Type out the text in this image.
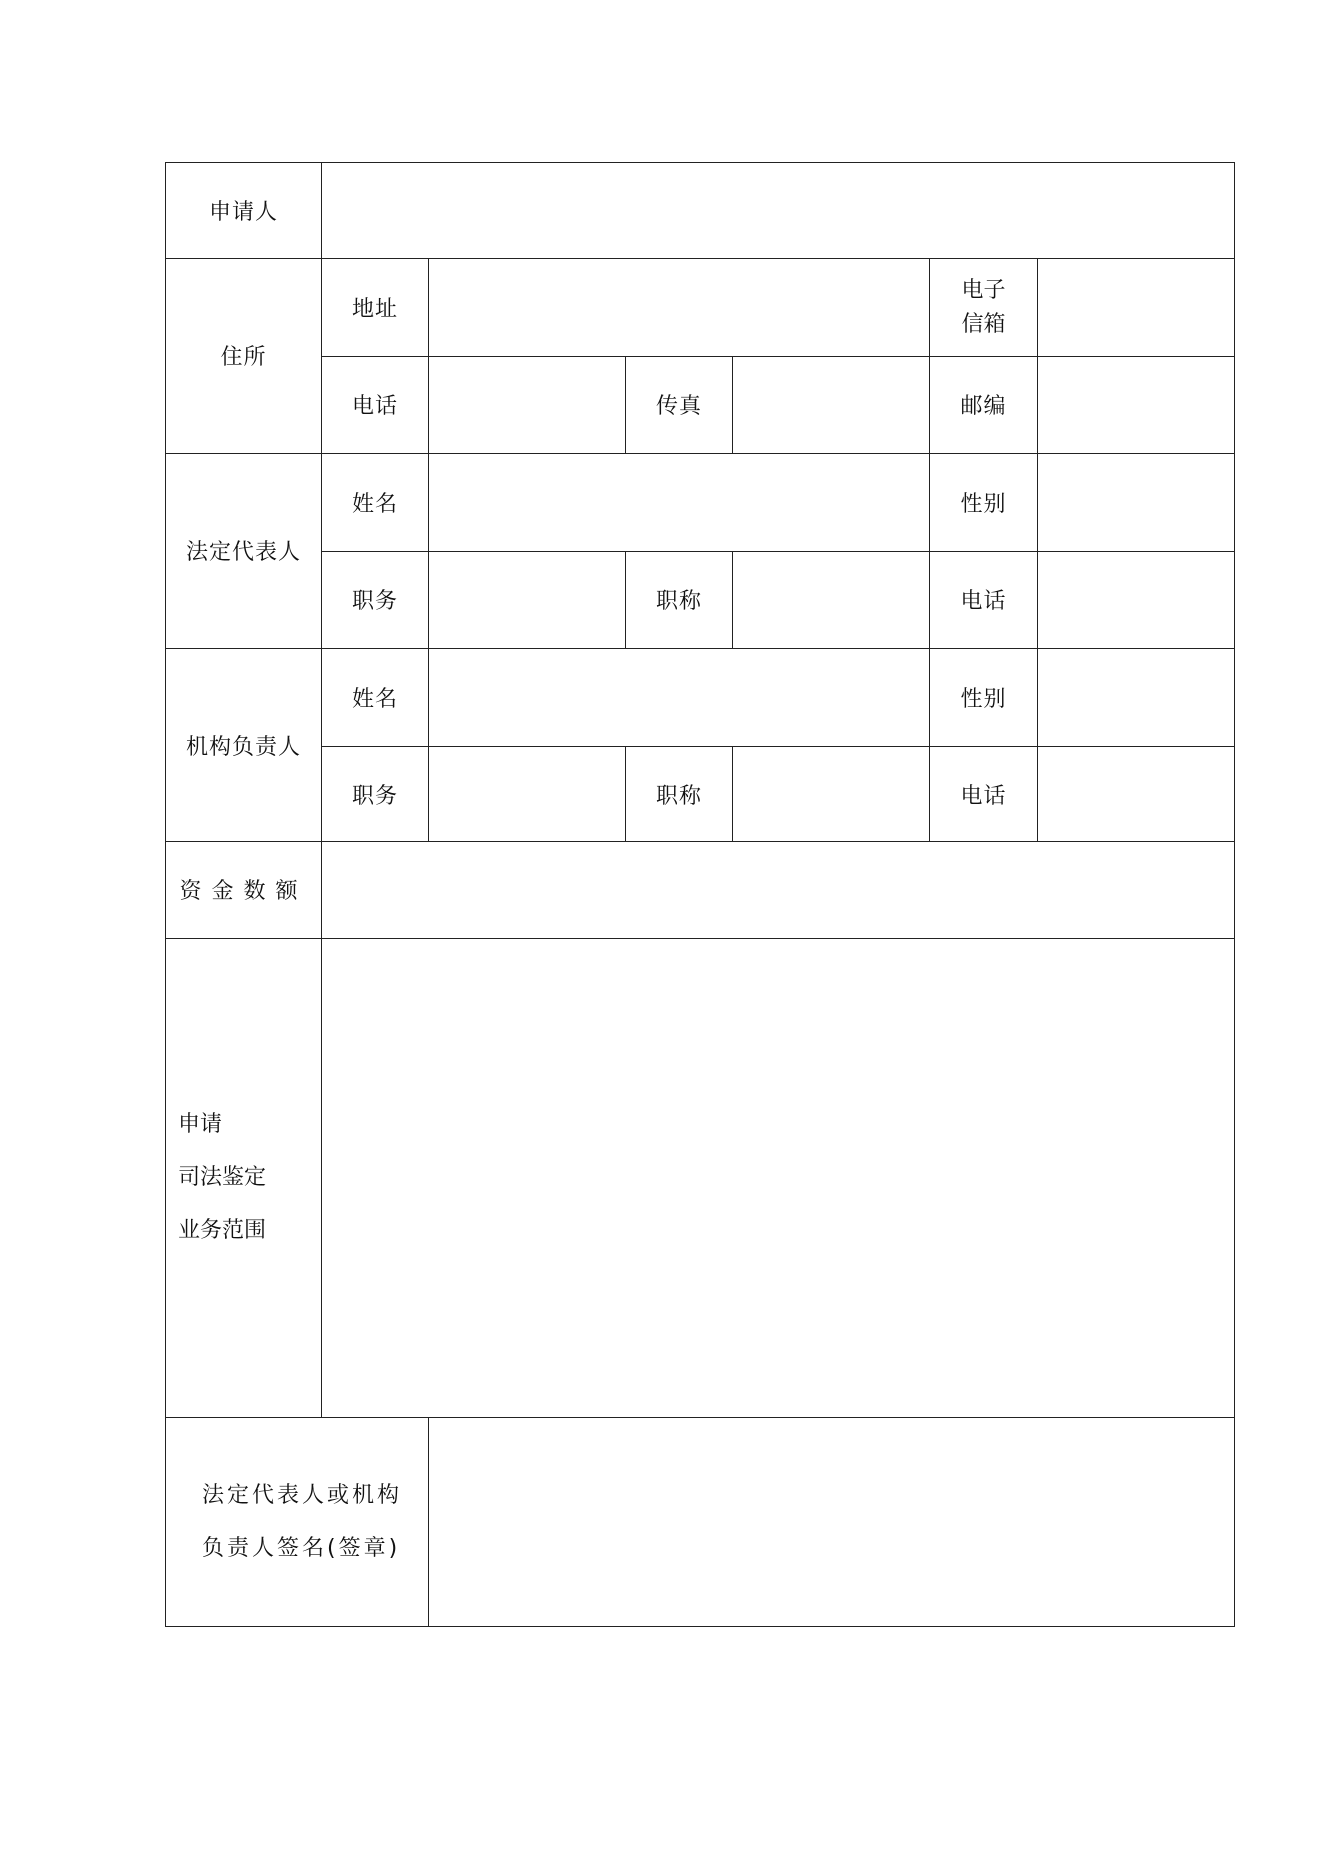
申请人						
住所	地址				电子
信箱	

	电话		传真		邮编	
法定代表人	姓名				性别	
	职务		职称		电话	
机构负责人	姓名				性别	
	职务		职称		电话	
资金数额						

申请
司法鉴定
业务范围						

法定代表人或机构
负责人签名(签章)						
